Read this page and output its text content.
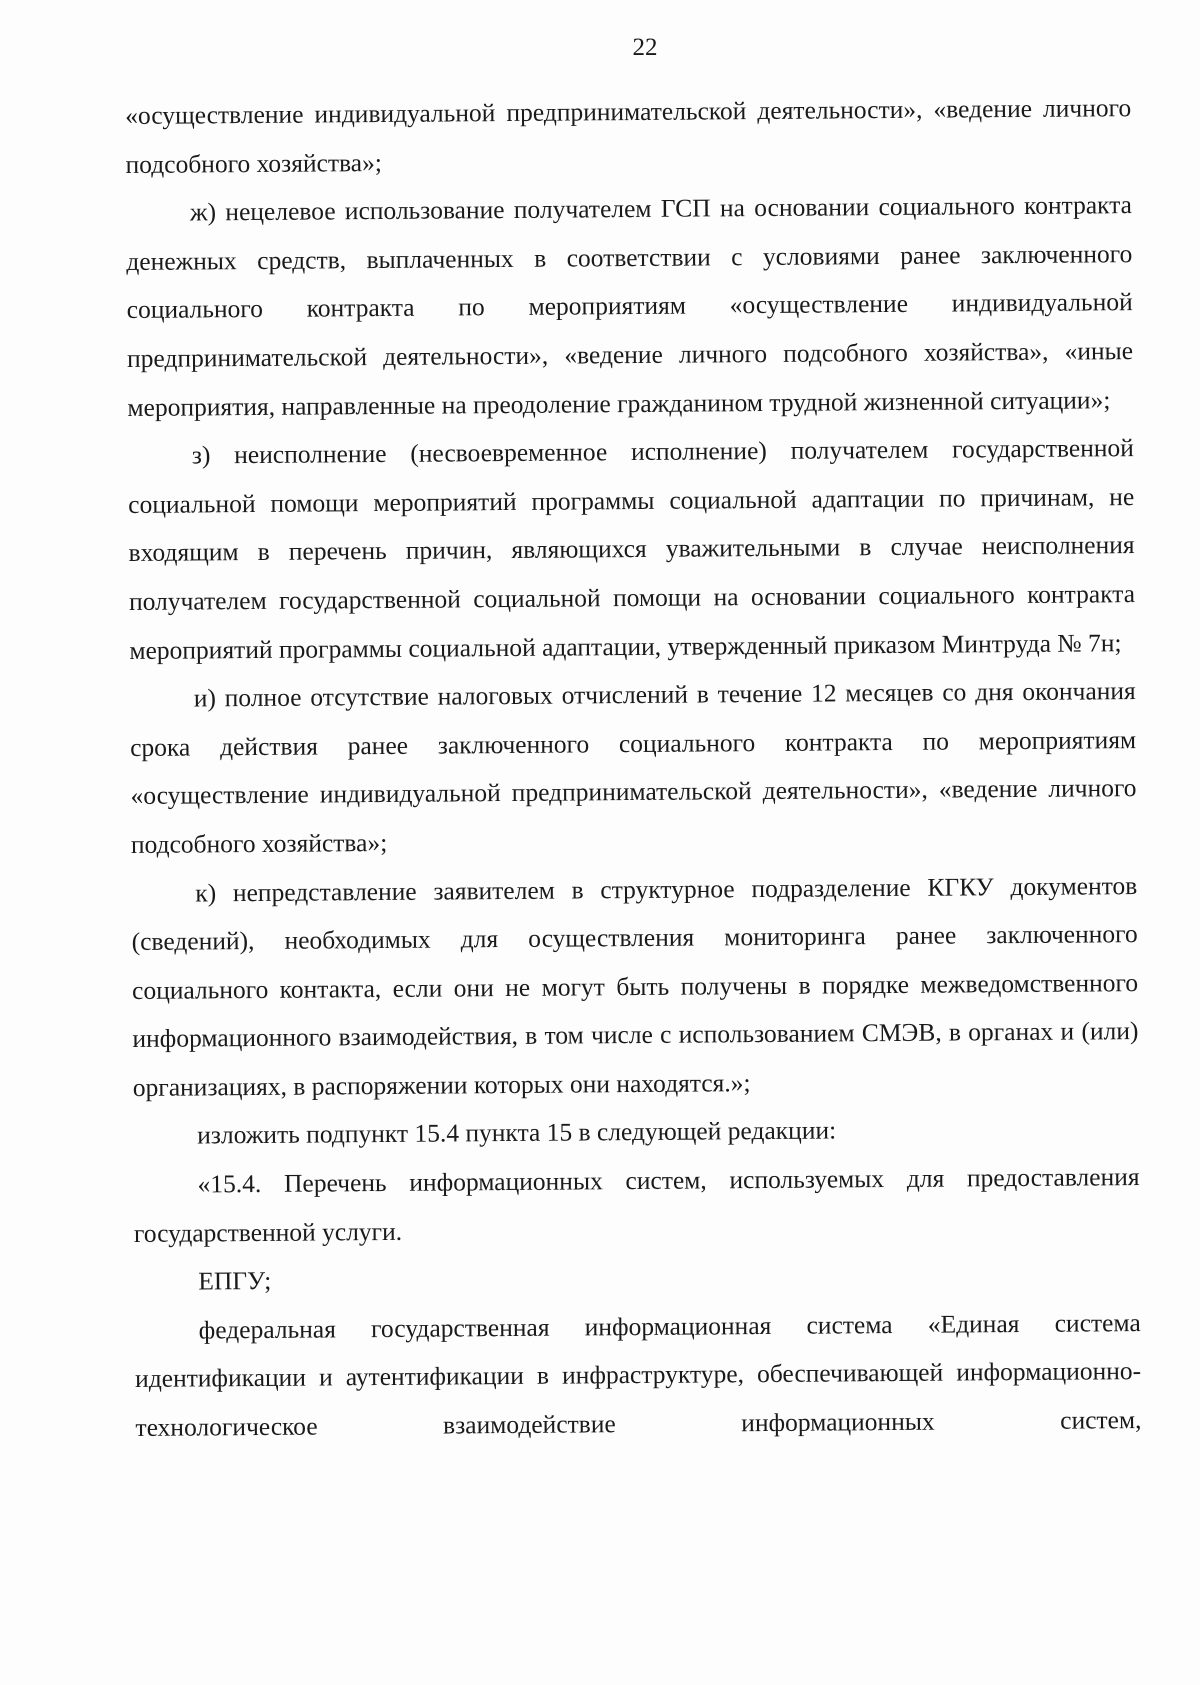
22

«осуществление индивидуальной предпринимательской деятельности», «ведение личного подсобного хозяйства»;

ж) нецелевое использование получателем ГСП на основании социального контракта денежных средств, выплаченных в соответствии с условиями ранее заключенного социального контракта по мероприятиям «осуществление индивидуальной предпринимательской деятельности», «ведение личного подсобного хозяйства», «иные мероприятия, направленные на преодоление гражданином трудной жизненной ситуации»;

з) неисполнение (несвоевременное исполнение) получателем государственной социальной помощи мероприятий программы социальной адаптации по причинам, не входящим в перечень причин, являющихся уважительными в случае неисполнения получателем государственной социальной помощи на основании социального контракта мероприятий программы социальной адаптации, утвержденный приказом Минтруда № 7н;

и) полное отсутствие налоговых отчислений в течение 12 месяцев со дня окончания срока действия ранее заключенного социального контракта по мероприятиям «осуществление индивидуальной предпринимательской деятельности», «ведение личного подсобного хозяйства»;

к) непредставление заявителем в структурное подразделение КГКУ документов (сведений), необходимых для осуществления мониторинга ранее заключенного социального контакта, если они не могут быть получены в порядке межведомственного информационного взаимодействия, в том числе с использованием СМЭВ, в органах и (или) организациях, в распоряжении которых они находятся.»;

изложить подпункт 15.4 пункта 15 в следующей редакции:

«15.4. Перечень информационных систем, используемых для предоставления государственной услуги.

ЕПГУ;

федеральная государственная информационная система «Единая система идентификации и аутентификации в инфраструктуре, обеспечивающей информационно-технологическое взаимодействие информационных систем,
